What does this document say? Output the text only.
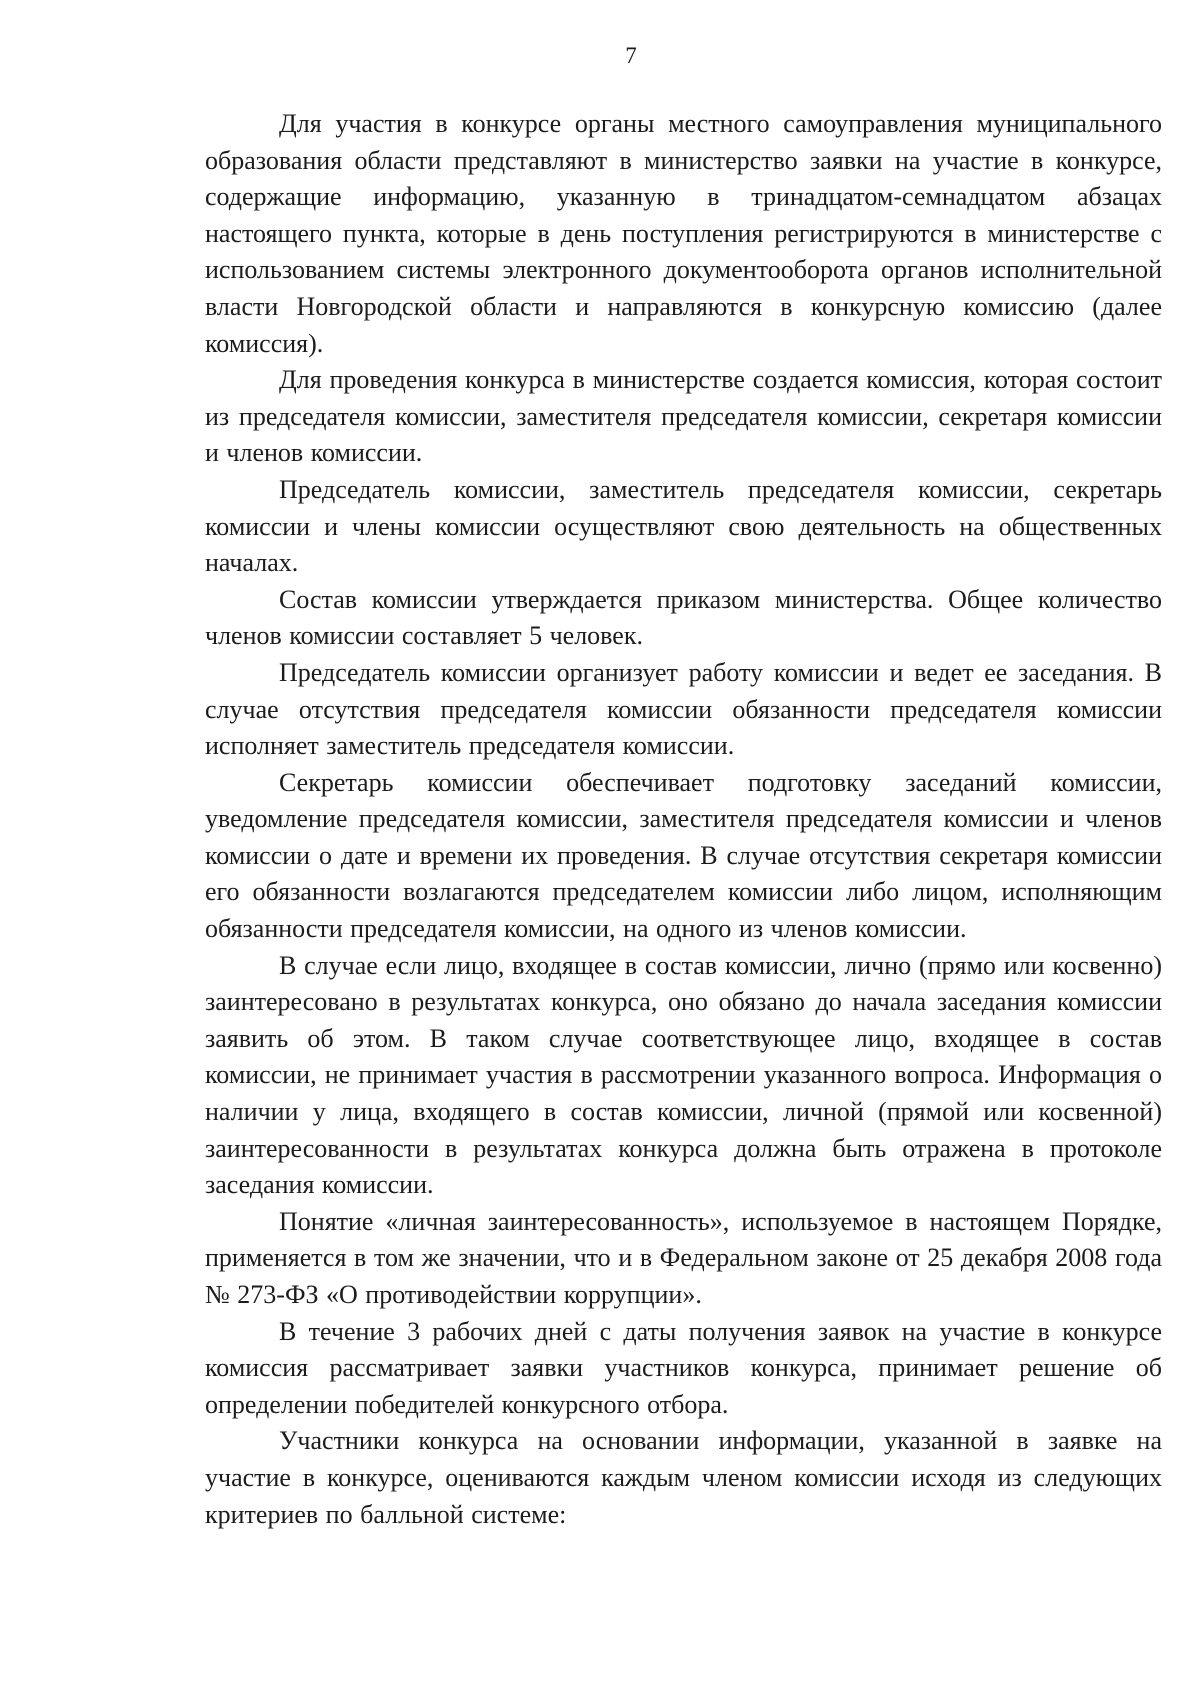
7

Для участия в конкурсе органы местного самоуправления муниципального образования области представляют в министерство заявки на участие в конкурсе, содержащие информацию, указанную в тринадцатом-семнадцатом абзацах настоящего пункта, которые в день поступления регистрируются в министерстве с использованием системы электронного документооборота органов исполнительной власти Новгородской области и направляются в конкурсную комиссию (далее комиссия).

Для проведения конкурса в министерстве создается комиссия, которая состоит из председателя комиссии, заместителя председателя комиссии, секретаря комиссии и членов комиссии.

Председатель комиссии, заместитель председателя комиссии, секретарь комиссии и члены комиссии осуществляют свою деятельность на общественных началах.

Состав комиссии утверждается приказом министерства. Общее количество членов комиссии составляет 5 человек.

Председатель комиссии организует работу комиссии и ведет ее заседания. В случае отсутствия председателя комиссии обязанности председателя комиссии исполняет заместитель председателя комиссии.

Секретарь комиссии обеспечивает подготовку заседаний комиссии, уведомление председателя комиссии, заместителя председателя комиссии и членов комиссии о дате и времени их проведения. В случае отсутствия секретаря комиссии его обязанности возлагаются председателем комиссии либо лицом, исполняющим обязанности председателя комиссии, на одного из членов комиссии.

В случае если лицо, входящее в состав комиссии, лично (прямо или косвенно) заинтересовано в результатах конкурса, оно обязано до начала заседания комиссии заявить об этом. В таком случае соответствующее лицо, входящее в состав комиссии, не принимает участия в рассмотрении указанного вопроса. Информация о наличии у лица, входящего в состав комиссии, личной (прямой или косвенной) заинтересованности в результатах конкурса должна быть отражена в протоколе заседания комиссии.

Понятие «личная заинтересованность», используемое в настоящем Порядке, применяется в том же значении, что и в Федеральном законе от 25 декабря 2008 года № 273-ФЗ «О противодействии коррупции».

В течение 3 рабочих дней с даты получения заявок на участие в конкурсе комиссия рассматривает заявки участников конкурса, принимает решение об определении победителей конкурсного отбора.

Участники конкурса на основании информации, указанной в заявке на участие в конкурсе, оцениваются каждым членом комиссии исходя из следующих критериев по балльной системе:
